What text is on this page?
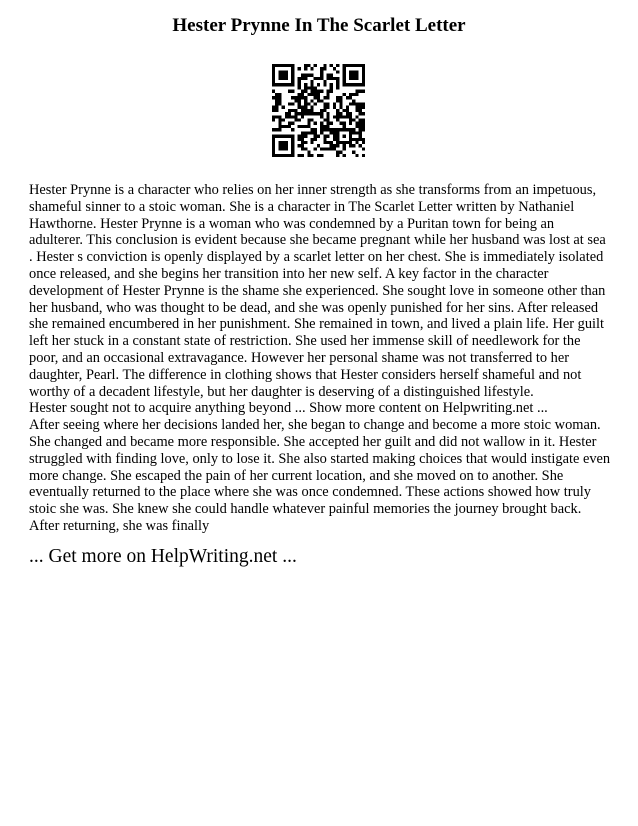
Hester Prynne In The Scarlet Letter

Hester Prynne is a character who relies on her inner strength as she transforms from an impetuous, shameful sinner to a stoic woman. She is a character in The Scarlet Letter written by Nathaniel Hawthorne. Hester Prynne is a woman who was condemned by a Puritan town for being an adulterer. This conclusion is evident because she became pregnant while her husband was lost at sea . Hester s conviction is openly displayed by a scarlet letter on her chest. She is immediately isolated once released, and she begins her transition into her new self. A key factor in the character development of Hester Prynne is the shame she experienced. She sought love in someone other than her husband, who was thought to be dead, and she was openly punished for her sins. After released she remained encumbered in her punishment. She remained in town, and lived a plain life. Her guilt left her stuck in a constant state of restriction. She used her immense skill of needlework for the poor, and an occasional extravagance. However her personal shame was not transferred to her daughter, Pearl. The difference in clothing shows that Hester considers herself shameful and not worthy of a decadent lifestyle, but her daughter is deserving of a distinguished lifestyle.

Hester sought not to acquire anything beyond ... Show more content on Helpwriting.net ...

After seeing where her decisions landed her, she began to change and become a more stoic woman. She changed and became more responsible. She accepted her guilt and did not wallow in it. Hester struggled with finding love, only to lose it. She also started making choices that would instigate even more change. She escaped the pain of her current location, and she moved on to another. She eventually returned to the place where she was once condemned. These actions showed how truly stoic she was. She knew she could handle whatever painful memories the journey brought back. After returning, she was finally

... Get more on HelpWriting.net ...
